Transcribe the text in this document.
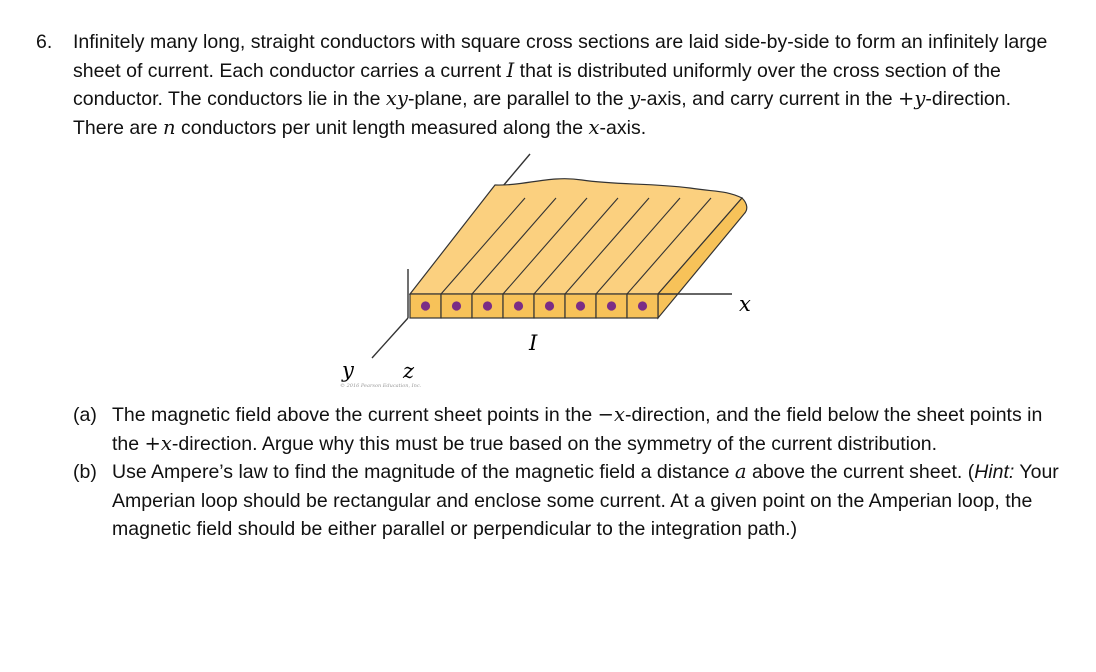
6. Infinitely many long, straight conductors with square cross sections are laid side-by-side to form an infinitely large sheet of current. Each conductor carries a current I that is distributed uniformly over the cross section of the conductor. The conductors lie in the xy-plane, are parallel to the y-axis, and carry current in the +y-direction. There are n conductors per unit length measured along the x-axis.
x
I
y z
© 2016 Pearson Education, Inc.

(a) The magnetic field above the current sheet points in the −x-direction, and the field below the sheet points in the +x-direction. Argue why this must be true based on the symmetry of the current distribution.

(b) Use Ampere’s law to find the magnitude of the magnetic field a distance a above the current sheet. (Hint: Your Amperian loop should be rectangular and enclose some current. At a given point on the Amperian loop, the magnetic field should be either parallel or perpendicular to the integration path.)
